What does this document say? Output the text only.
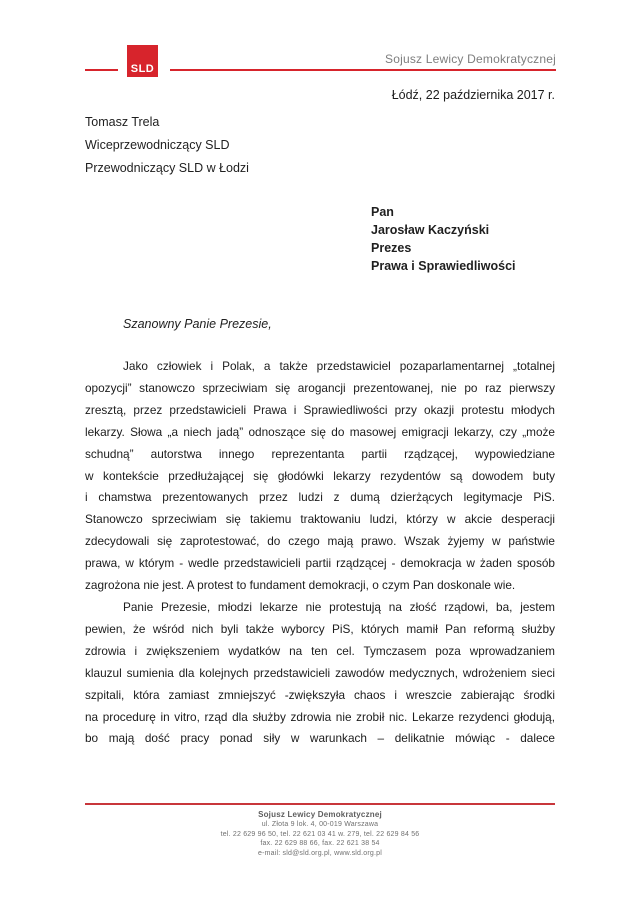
SLD
Sojusz Lewicy Demokratycznej
Łódź, 22 października 2017 r.
Tomasz Trela
Wiceprzewodniczący SLD
Przewodniczący SLD w Łodzi
Pan
Jarosław Kaczyński
Prezes
Prawa i Sprawiedliwości
Szanowny Panie Prezesie,
Jako człowiek i Polak, a także przedstawiciel pozaparlamentarnej „totalnej
opozycji” stanowczo sprzeciwiam się arogancji prezentowanej, nie po raz pierwszy
zresztą, przez przedstawicieli Prawa i Sprawiedliwości przy okazji protestu młodych
lekarzy. Słowa „a niech jadą” odnoszące się do masowej emigracji lekarzy, czy „może
schudną” autorstwa innego reprezentanta partii rządzącej, wypowiedziane
w kontekście przedłużającej się głodówki lekarzy rezydentów są dowodem buty
i chamstwa prezentowanych przez ludzi z dumą dzierżących legitymacje PiS.
Stanowczo sprzeciwiam się takiemu traktowaniu ludzi, którzy w akcie desperacji
zdecydowali się zaprotestować, do czego mają prawo. Wszak żyjemy w państwie
prawa, w którym - wedle przedstawicieli partii rządzącej - demokracja w żaden sposób
zagrożona nie jest. A protest to fundament demokracji, o czym Pan doskonale wie.
Panie Prezesie, młodzi lekarze nie protestują na złość rządowi, ba, jestem
pewien, że wśród nich byli także wyborcy PiS, których mamił Pan reformą służby
zdrowia i zwiększeniem wydatków na ten cel. Tymczasem poza wprowadzaniem
klauzul sumienia dla kolejnych przedstawicieli zawodów medycznych, wdrożeniem sieci
szpitali, która zamiast zmniejszyć -zwiększyła chaos i wreszcie zabierając środki
na procedurę in vitro, rząd dla służby zdrowia nie zrobił nic. Lekarze rezydenci głodują,
bo mają dość pracy ponad siły w warunkach – delikatnie mówiąc - dalece
Sojusz Lewicy Demokratycznej
ul. Złota 9 lok. 4, 00-019 Warszawa
tel. 22 629 96 50, tel. 22 621 03 41 w. 279, tel. 22 629 84 56
fax. 22 629 88 66, fax. 22 621 38 54
e-mail: sld@sld.org.pl, www.sld.org.pl
